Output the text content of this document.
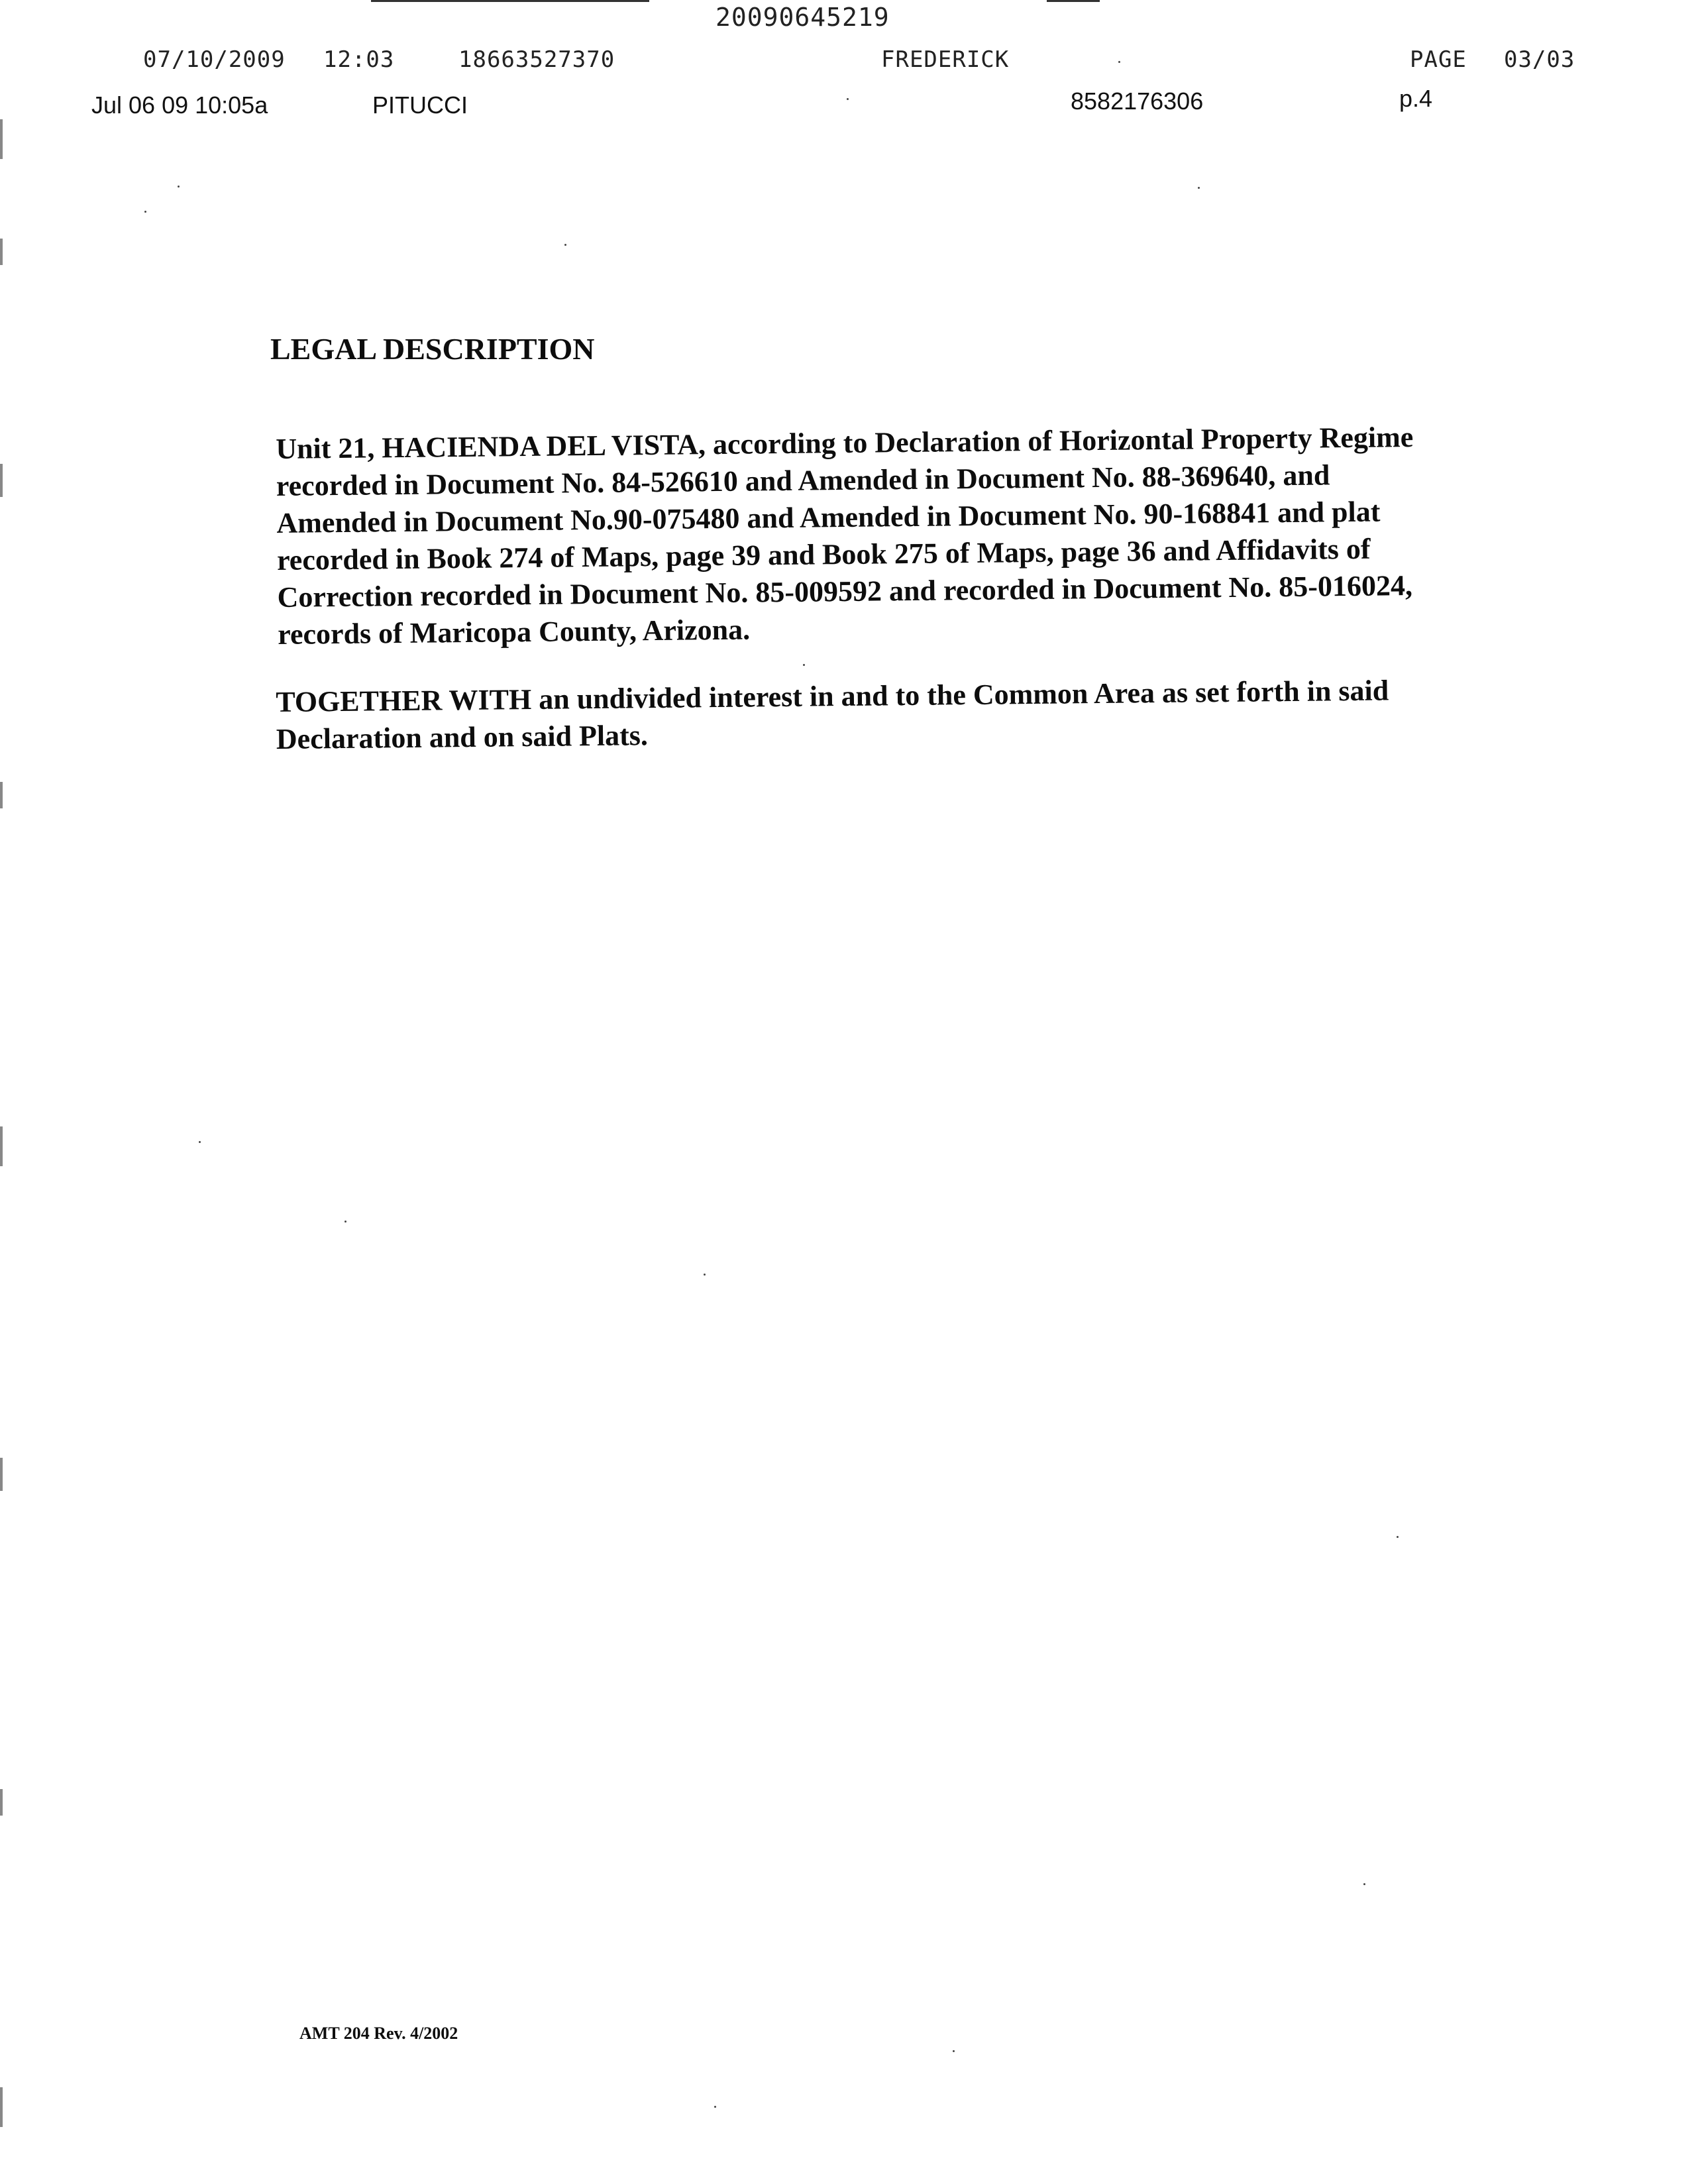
20090645219
07/10/2009 12:03	18663527370	FREDERICK	PAGE 03/03
Jul 06 09 10:05a	PITUCCI	8582176306	p.4
LEGAL DESCRIPTION
Unit 21, HACIENDA DEL VISTA, according to Declaration of Horizontal Property Regime recorded in Document No. 84-526610 and Amended in Document No. 88-369640, and Amended in Document No.90-075480 and Amended in Document No. 90-168841 and plat recorded in Book 274 of Maps, page 39 and Book 275 of Maps, page 36 and Affidavits of Correction recorded in Document No. 85-009592 and recorded in Document No. 85-016024, records of Maricopa County, Arizona.
TOGETHER WITH an undivided interest in and to the Common Area as set forth in said Declaration and on said Plats.
AMT 204 Rev. 4/2002
